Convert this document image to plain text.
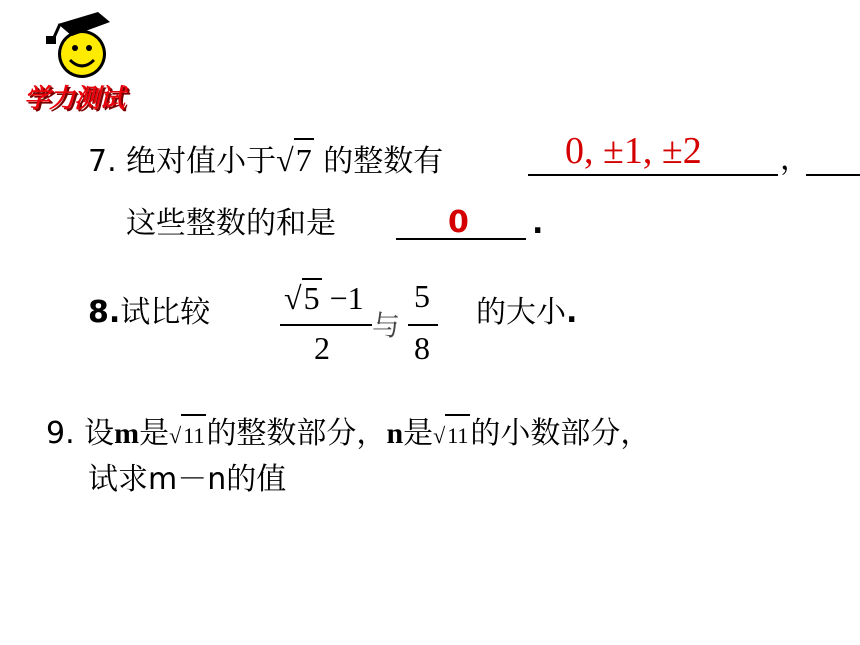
学力测试
7. 绝对值小于√7 的整数有	0, ±1, ±2	，
这些整数的和是	0 .
8.试比较 √5 −1
2
与
5
8
的大小.
9. 设m是√11的整数部分，n是√11的小数部分，
试求m－n的值
